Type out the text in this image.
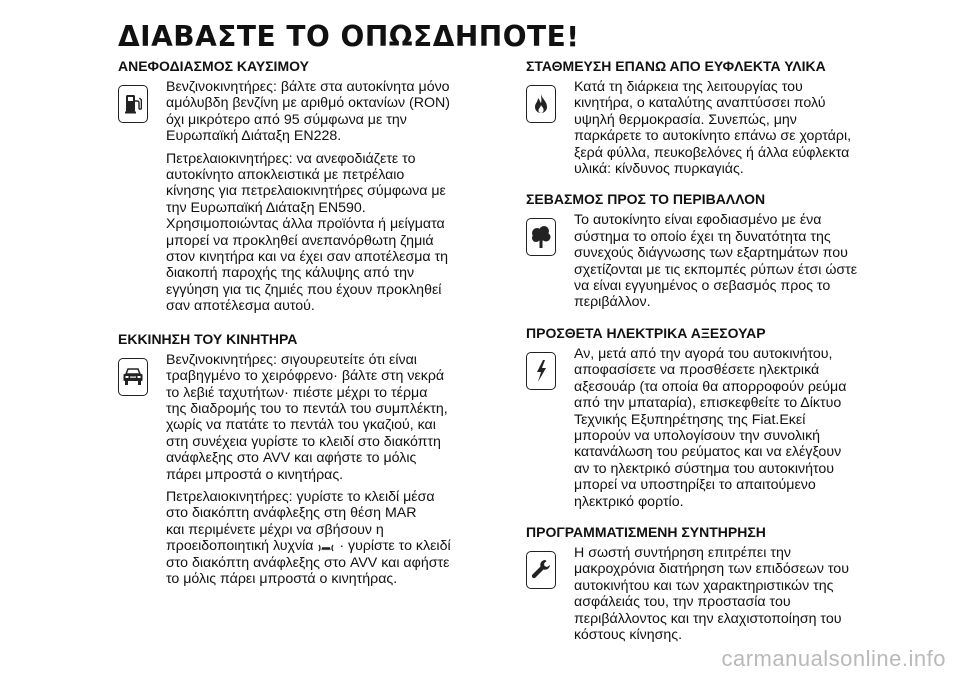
ΔΙΑΒΑΣΤΕ ΤΟ ΟΠΩΣΔΗΠΟΤΕ!
ΑΝΕΦΟΔΙΑΣΜΟΣ ΚΑΥΣΙΜΟΥ

Βενζινοκινητήρες: βάλτε στα αυτοκίνητα μόνο
αμόλυβδη βενζίνη με αριθμό οκτανίων (RON)
όχι μικρότερο από 95 σύμφωνα με την
Ευρωπαϊκή Διάταξη EN228.

Πετρελαιοκινητήρες: να ανεφοδιάζετε το
αυτοκίνητο αποκλειστικά με πετρέλαιο
κίνησης για πετρελαιοκινητήρες σύμφωνα με
την Ευρωπαϊκή Διάταξη EN590.
Χρησιμοποιώντας άλλα προϊόντα ή μείγματα
μπορεί να προκληθεί ανεπανόρθωτη ζημιά
στον κινητήρα και να έχει σαν αποτέλεσμα τη
διακοπή παροχής της κάλυψης από την
εγγύηση για τις ζημιές που έχουν προκληθεί
σαν αποτέλεσμα αυτού.

ΕΚΚΙΝΗΣΗ ΤΟΥ ΚΙΝΗΤΗΡΑ

Βενζινοκινητήρες: σιγουρευτείτε ότι είναι
τραβηγμένο το χειρόφρενο· βάλτε στη νεκρά
το λεβιέ ταχυτήτων· πιέστε μέχρι το τέρμα
της διαδρομής του το πεντάλ του συμπλέκτη,
χωρίς να πατάτε το πεντάλ του γκαζιού, και
στη συνέχεια γυρίστε το κλειδί στο διακόπτη
ανάφλεξης στο AVV και αφήστε το μόλις
πάρει μπροστά ο κινητήρας.

Πετρελαιοκινητήρες: γυρίστε το κλειδί μέσα
στο διακόπτη ανάφλεξης στη θέση MAR
και περιμένετε μέχρι να σβήσουν η
προειδοποιητική λυχνία  · γυρίστε το κλειδί
στο διακόπτη ανάφλεξης στο AVV και αφήστε
το μόλις πάρει μπροστά ο κινητήρας.

ΣΤΑΘΜΕΥΣΗ ΕΠΑΝΩ ΑΠΟ ΕΥΦΛΕΚΤΑ ΥΛΙΚΑ

Κατά τη διάρκεια της λειτουργίας του
κινητήρα, ο καταλύτης αναπτύσσει πολύ
υψηλή θερμοκρασία. Συνεπώς, μην
παρκάρετε το αυτοκίνητο επάνω σε χορτάρι,
ξερά φύλλα, πευκοβελόνες ή άλλα εύφλεκτα
υλικά: κίνδυνος πυρκαγιάς.

ΣΕΒΑΣΜΟΣ ΠΡΟΣ ΤΟ ΠΕΡΙΒΑΛΛΟΝ

Το αυτοκίνητο είναι εφοδιασμένο με ένα
σύστημα το οποίο έχει τη δυνατότητα της
συνεχούς διάγνωσης των εξαρτημάτων που
σχετίζονται με τις εκπομπές ρύπων έτσι ώστε
να είναι εγγυημένος ο σεβασμός προς το
περιβάλλον.

ΠΡΟΣΘΕΤΑ ΗΛΕΚΤΡΙΚΑ ΑΞΕΣΟΥΑΡ

Αν, μετά από την αγορά του αυτοκινήτου,
αποφασίσετε να προσθέσετε ηλεκτρικά
αξεσουάρ (τα οποία θα απορροφούν ρεύμα
από την μπαταρία), επισκεφθείτε το Δίκτυο
Τεχνικής Εξυπηρέτησης της Fiat.Εκεί
μπορούν να υπολογίσουν την συνολική
κατανάλωση του ρεύματος και να ελέγξουν
αν το ηλεκτρικό σύστημα του αυτοκινήτου
μπορεί να υποστηρίξει το απαιτούμενο
ηλεκτρικό φορτίο.

ΠΡΟΓΡΑΜΜΑΤΙΣΜΕΝΗ ΣΥΝΤΗΡΗΣΗ

Η σωστή συντήρηση επιτρέπει την
μακροχρόνια διατήρηση των επιδόσεων του
αυτοκινήτου και των χαρακτηριστικών της
ασφάλειάς του, την προστασία του
περιβάλλοντος και την ελαχιστοποίηση του
κόστους κίνησης.

carmanualsonline.info
